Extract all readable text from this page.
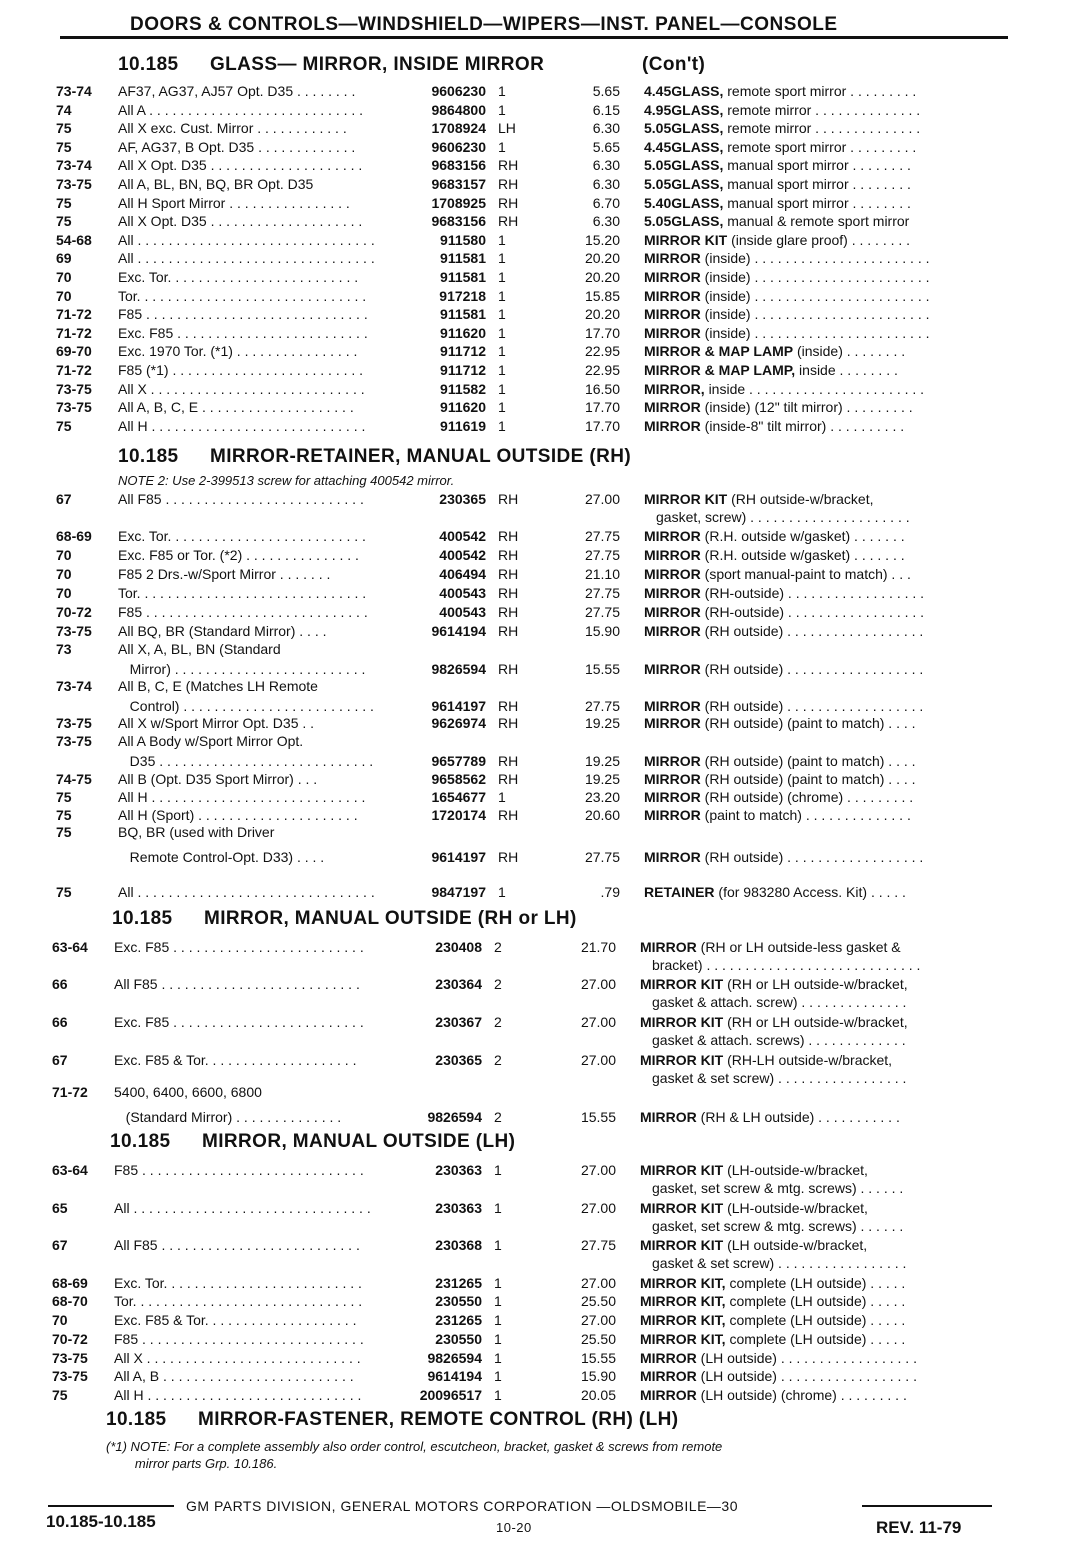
DOORS & CONTROLS—WINDSHIELD—WIPERS—INST. PANEL—CONSOLE
10.185 GLASS— MIRROR, INSIDE MIRROR	(Con't)
73-74 AF37, AG37, AJ57 Opt. D35 . . . . . . . .	9606230 1	5.65 4.45GLASS, remote sport mirror . . . . . . . . .
74	All A . . . . . . . . . . . . . . . . . . . . . . . . . . . .	9864800 1	6.15 4.95GLASS, remote mirror . . . . . . . . . . . . . .
75	All X exc. Cust. Mirror . . . . . . . . . . . .	1708924 LH	6.30 5.05GLASS, remote mirror . . . . . . . . . . . . . .
75	AF, AG37, B Opt. D35 . . . . . . . . . . . . .	9606230 1	5.65 4.45GLASS, remote sport mirror . . . . . . . . .
73-74 All X Opt. D35 . . . . . . . . . . . . . . . . . . . .	9683156 RH	6.30 5.05GLASS, manual sport mirror . . . . . . . .
73-75 All A, BL, BN, BQ, BR Opt. D35	9683157 RH	6.30 5.05GLASS, manual sport mirror . . . . . . . .
75	All H Sport Mirror . . . . . . . . . . . . . . . .	1708925 RH	6.70 5.40GLASS, manual sport mirror . . . . . . . .
75	All X Opt. D35 . . . . . . . . . . . . . . . . . . . .	9683156 RH	6.30 5.05GLASS, manual & remote sport mirror
54-68 All . . . . . . . . . . . . . . . . . . . . . . . . . . . . . . .	911580 1	15.20 MIRROR KIT (inside glare proof) . . . . . . . .
69	All . . . . . . . . . . . . . . . . . . . . . . . . . . . . . . .	911581 1	20.20 MIRROR (inside) . . . . . . . . . . . . . . . . . . . . . . .
70	Exc. Tor. . . . . . . . . . . . . . . . . . . . . . . . .	911581 1	20.20 MIRROR (inside) . . . . . . . . . . . . . . . . . . . . . . .
70	Tor. . . . . . . . . . . . . . . . . . . . . . . . . . . . . .	917218 1	15.85 MIRROR (inside) . . . . . . . . . . . . . . . . . . . . . . .
71-72 F85 . . . . . . . . . . . . . . . . . . . . . . . . . . . . .	911581 1	20.20 MIRROR (inside) . . . . . . . . . . . . . . . . . . . . . . .
71-72 Exc. F85 . . . . . . . . . . . . . . . . . . . . . . . . .	911620 1	17.70 MIRROR (inside) . . . . . . . . . . . . . . . . . . . . . . .
69-70 Exc. 1970 Tor. (*1) . . . . . . . . . . . . . . . .	911712 1	22.95 MIRROR & MAP LAMP (inside) . . . . . . . .
71-72 F85 (*1) . . . . . . . . . . . . . . . . . . . . . . . . .	911712 1	22.95 MIRROR & MAP LAMP, inside . . . . . . . .
73-75 All X . . . . . . . . . . . . . . . . . . . . . . . . . . . .	911582 1	16.50 MIRROR, inside . . . . . . . . . . . . . . . . . . . . . . .
73-75 All A, B, C, E . . . . . . . . . . . . . . . . . . . .	911620 1	17.70 MIRROR (inside) (12" tilt mirror) . . . . . . . . .
75	All H . . . . . . . . . . . . . . . . . . . . . . . . . . . .	911619 1	17.70 MIRROR (inside-8" tilt mirror) . . . . . . . . . .
10.185 MIRROR-RETAINER, MANUAL OUTSIDE (RH)
NOTE 2: Use 2-399513 screw for attaching 400542 mirror.
67	All F85 . . . . . . . . . . . . . . . . . . . . . . . . . .	230365 RH	27.00 MIRROR KIT (RH outside-w/bracket,
gasket, screw) . . . . . . . . . . . . . . . . . . . . .
68-69 Exc. Tor. . . . . . . . . . . . . . . . . . . . . . . . . .	400542 RH	27.75 MIRROR (R.H. outside w/gasket) . . . . . . .
70	Exc. F85 or Tor. (*2) . . . . . . . . . . . . . . .	400542 RH	27.75 MIRROR (R.H. outside w/gasket) . . . . . . .
70	F85 2 Drs.-w/Sport Mirror . . . . . . .	406494 RH	21.10 MIRROR (sport manual-paint to match) . . .
70	Tor. . . . . . . . . . . . . . . . . . . . . . . . . . . . . .	400543 RH	27.75 MIRROR (RH-outside) . . . . . . . . . . . . . . . . . .
70-72 F85 . . . . . . . . . . . . . . . . . . . . . . . . . . . . .	400543 RH	27.75 MIRROR (RH-outside) . . . . . . . . . . . . . . . . . .
73-75 All BQ, BR (Standard Mirror) . . . .	9614194 RH	15.90 MIRROR (RH outside) . . . . . . . . . . . . . . . . . .
73	All X, A, BL, BN (Standard
Mirror) . . . . . . . . . . . . . . . . . . . . . . . . .	9826594 RH	15.55 MIRROR (RH outside) . . . . . . . . . . . . . . . . . .
73-74 All B, C, E (Matches LH Remote
Control) . . . . . . . . . . . . . . . . . . . . . . . . .	9614197 RH	27.75 MIRROR (RH outside) . . . . . . . . . . . . . . . . . .
73-75 All X w/Sport Mirror Opt. D35 . .	9626974 RH	19.25 MIRROR (RH outside) (paint to match) . . . .
73-75 All A Body w/Sport Mirror Opt.
D35 . . . . . . . . . . . . . . . . . . . . . . . . . . . .	9657789 RH	19.25 MIRROR (RH outside) (paint to match) . . . .
74-75 All B (Opt. D35 Sport Mirror) . . .	9658562 RH	19.25 MIRROR (RH outside) (paint to match) . . . .
75	All H . . . . . . . . . . . . . . . . . . . . . . . . . . . .	1654677 1	23.20 MIRROR (RH outside) (chrome) . . . . . . . . .
75	All H (Sport) . . . . . . . . . . . . . . . . . . . . .	1720174 RH	20.60 MIRROR (paint to match) . . . . . . . . . . . . . .
75	BQ, BR (used with Driver
Remote Control-Opt. D33) . . . .	9614197 RH	27.75 MIRROR (RH outside) . . . . . . . . . . . . . . . . . .
75	All . . . . . . . . . . . . . . . . . . . . . . . . . . . . . . .	9847197 1	.79 RETAINER (for 983280 Access. Kit) . . . . .
10.185 MIRROR, MANUAL OUTSIDE (RH or LH)
63-64 Exc. F85 . . . . . . . . . . . . . . . . . . . . . . . . .	230408 2	21.70 MIRROR (RH or LH outside-less gasket &
bracket) . . . . . . . . . . . . . . . . . . . . . . . . . . . .
66	All F85 . . . . . . . . . . . . . . . . . . . . . . . . . .	230364 2	27.00 MIRROR KIT (RH or LH outside-w/bracket,
gasket & attach. screw) . . . . . . . . . . . . . .
66	Exc. F85 . . . . . . . . . . . . . . . . . . . . . . . . .	230367 2	27.00 MIRROR KIT (RH or LH outside-w/bracket,
gasket & attach. screws) . . . . . . . . . . . . .
67	Exc. F85 & Tor. . . . . . . . . . . . . . . . . . . .	230365 2	27.00 MIRROR KIT (RH-LH outside-w/bracket,
gasket & set screw) . . . . . . . . . . . . . . . . .
71-72 5400, 6400, 6600, 6800
(Standard Mirror) . . . . . . . . . . . . . .	9826594 2	15.55 MIRROR (RH & LH outside) . . . . . . . . . . .
10.185 MIRROR, MANUAL OUTSIDE (LH)
63-64 F85 . . . . . . . . . . . . . . . . . . . . . . . . . . . . .	230363 1	27.00 MIRROR KIT (LH-outside-w/bracket,
gasket, set screw & mtg. screws) . . . . . .
65	All . . . . . . . . . . . . . . . . . . . . . . . . . . . . . . .	230363 1	27.00 MIRROR KIT (LH-outside-w/bracket,
gasket, set screw & mtg. screws) . . . . . .
67	All F85 . . . . . . . . . . . . . . . . . . . . . . . . . .	230368 1	27.75 MIRROR KIT (LH outside-w/bracket,
gasket & set screw) . . . . . . . . . . . . . . . . .
68-69 Exc. Tor. . . . . . . . . . . . . . . . . . . . . . . . . .	231265 1	27.00 MIRROR KIT, complete (LH outside) . . . . .
68-70 Tor. . . . . . . . . . . . . . . . . . . . . . . . . . . . . .	230550 1	25.50 MIRROR KIT, complete (LH outside) . . . . .
70	Exc. F85 & Tor. . . . . . . . . . . . . . . . . . . .	231265 1	27.00 MIRROR KIT, complete (LH outside) . . . . .
70-72 F85 . . . . . . . . . . . . . . . . . . . . . . . . . . . . .	230550 1	25.50 MIRROR KIT, complete (LH outside) . . . . .
73-75 All X . . . . . . . . . . . . . . . . . . . . . . . . . . . .	9826594 1	15.55 MIRROR (LH outside) . . . . . . . . . . . . . . . . . .
73-75 All A, B . . . . . . . . . . . . . . . . . . . . . . . . .	9614194 1	15.90 MIRROR (LH outside) . . . . . . . . . . . . . . . . . .
75	All H . . . . . . . . . . . . . . . . . . . . . . . . . . . .	20096517 1	20.05 MIRROR (LH outside) (chrome) . . . . . . . . .
10.185 MIRROR-FASTENER, REMOTE CONTROL (RH) (LH)
(*1) NOTE: For a complete assembly also order control, escutcheon, bracket, gasket & screws from remote
mirror parts Grp. 10.186.
GM PARTS DIVISION, GENERAL MOTORS CORPORATION —OLDSMOBILE—30
10.185-10.185	10-20	REV. 11-79
